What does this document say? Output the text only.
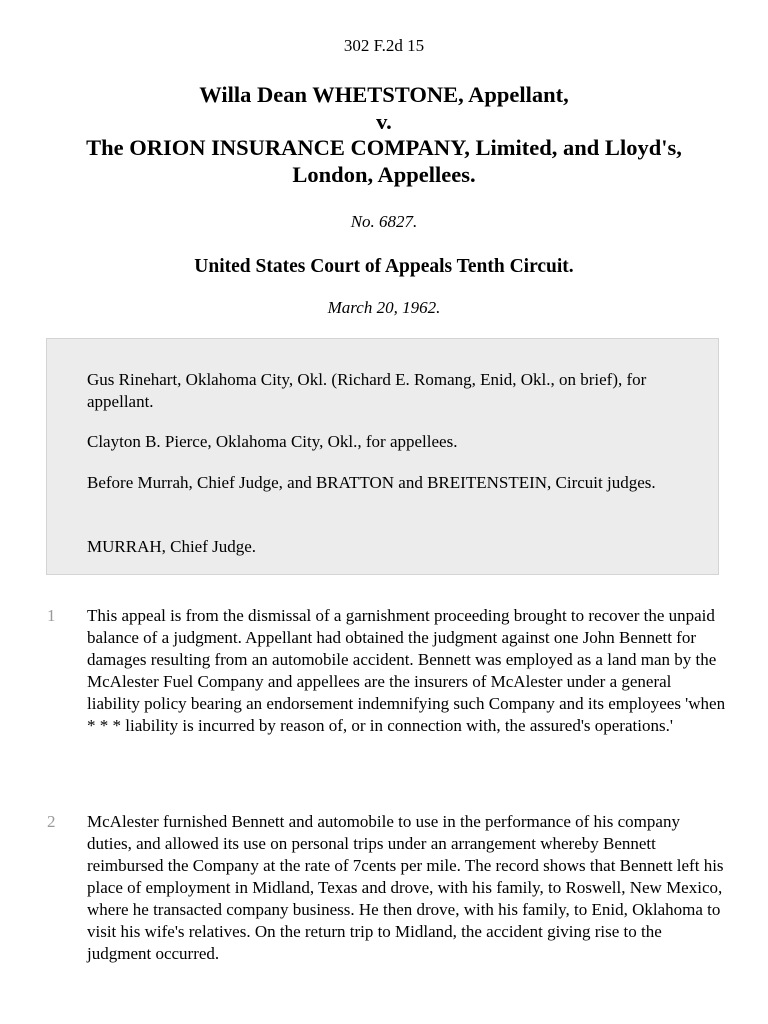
302 F.2d 15
Willa Dean WHETSTONE, Appellant,
v.
The ORION INSURANCE COMPANY, Limited, and Lloyd's,
London, Appellees.
No. 6827.
United States Court of Appeals Tenth Circuit.
March 20, 1962.

Gus Rinehart, Oklahoma City, Okl. (Richard E. Romang, Enid, Okl., on brief), for appellant.

Clayton B. Pierce, Oklahoma City, Okl., for appellees.

Before Murrah, Chief Judge, and BRATTON and BREITENSTEIN, Circuit judges.

MURRAH, Chief Judge.

1 This appeal is from the dismissal of a garnishment proceeding brought to recover the unpaid balance of a judgment. Appellant had obtained the judgment against one John Bennett for damages resulting from an automobile accident. Bennett was employed as a land man by the McAlester Fuel Company and appellees are the insurers of McAlester under a general liability policy bearing an endorsement indemnifying such Company and its employees 'when * * * liability is incurred by reason of, or in connection with, the assured's operations.'

2 McAlester furnished Bennett and automobile to use in the performance of his company duties, and allowed its use on personal trips under an arrangement whereby Bennett reimbursed the Company at the rate of 7cents per mile. The record shows that Bennett left his place of employment in Midland, Texas and drove, with his family, to Roswell, New Mexico, where he transacted company business. He then drove, with his family, to Enid, Oklahoma to visit his wife's relatives. On the return trip to Midland, the accident giving rise to the judgment occurred.
